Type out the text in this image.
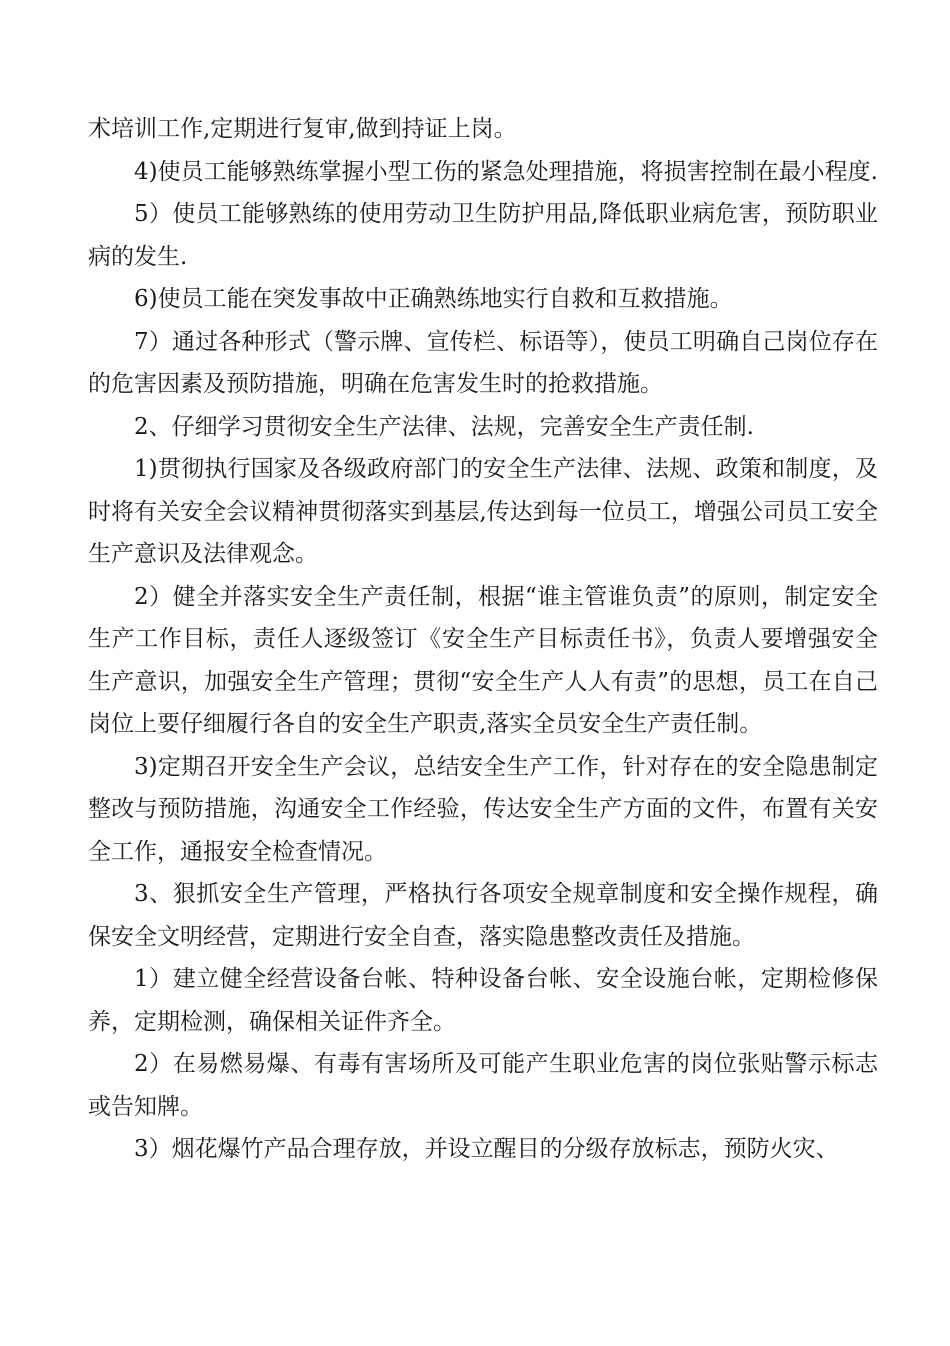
术培训工作,定期进行复审,做到持证上岗。

4)使员工能够熟练掌握小型工伤的紧急处理措施，将损害控制在最小程度.

5）使员工能够熟练的使用劳动卫生防护用品,降低职业病危害，预防职业病的发生.

6)使员工能在突发事故中正确熟练地实行自救和互救措施。

7）通过各种形式（警示牌、宣传栏、标语等），使员工明确自己岗位存在的危害因素及预防措施，明确在危害发生时的抢救措施。

2、仔细学习贯彻安全生产法律、法规，完善安全生产责任制.

1)贯彻执行国家及各级政府部门的安全生产法律、法规、政策和制度，及时将有关安全会议精神贯彻落实到基层,传达到每一位员工，增强公司员工安全生产意识及法律观念。

2）健全并落实安全生产责任制，根据“谁主管谁负责”的原则，制定安全生产工作目标，责任人逐级签订《安全生产目标责任书》，负责人要增强安全生产意识，加强安全生产管理；贯彻“安全生产人人有责”的思想，员工在自己岗位上要仔细履行各自的安全生产职责,落实全员安全生产责任制。

3)定期召开安全生产会议，总结安全生产工作，针对存在的安全隐患制定整改与预防措施，沟通安全工作经验，传达安全生产方面的文件，布置有关安全工作，通报安全检查情况。

3、狠抓安全生产管理，严格执行各项安全规章制度和安全操作规程，确保安全文明经营，定期进行安全自查，落实隐患整改责任及措施。

1）建立健全经营设备台帐、特种设备台帐、安全设施台帐，定期检修保养，定期检测，确保相关证件齐全。

2）在易燃易爆、有毒有害场所及可能产生职业危害的岗位张贴警示标志或告知牌。

3）烟花爆竹产品合理存放，并设立醒目的分级存放标志，预防火灾、
